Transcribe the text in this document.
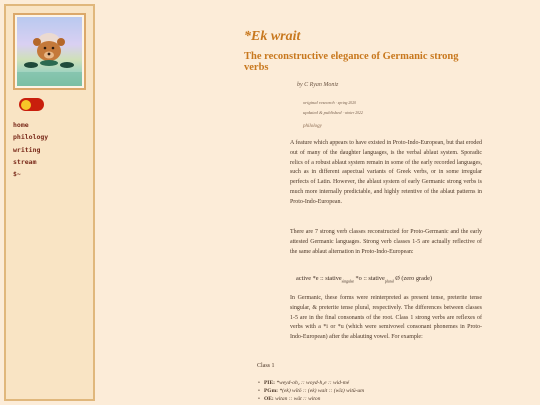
home
philology
writing
stream
$~
*Ek wrait
The reconstructive elegance of Germanic strong verbs
by C Ryan Moniz
original research · spring 2020
updated & published · winter 2022
philology

A feature which appears to have existed in Proto-Indo-European, but that eroded out of many of the daughter languages, is the verbal ablaut system. Sporadic relics of a robust ablaut system remain in some of the early recorded languages, such as in different aspectual variants of Greek verbs, or in some irregular perfects of Latin. However, the ablaut system of early Germanic strong verbs is much more internally predictable, and highly retentive of the ablaut patterns in Proto-Indo-European.

There are 7 strong verb classes reconstructed for Proto-Germanic and the early attested Germanic languages. Strong verb classes 1-5 are actually reflective of the same ablaut alternation in Proto-Indo-European:

active *e :: stative$_{singular}$ *o :: stative$_{plural}$ Ø (zero grade)

In Germanic, these forms were reinterpreted as present tense, preterite tense singular, & preterite tense plural, respectively. The differences between classes 1-5 are in the final consonants of the root. Class 1 strong verbs are reflexes of verbs with a *i or *u (which were semivowel consonant phonemes in Proto-Indo-European) after the ablauting vowel. For example:

Class 1
• PIE: *weyd-oh₂ :: woyd-h₂e :: wid-mé
• PGm: *(ek) wītō :: (ek) wait :: (wīz) witū-um
• OE: witan :: wāt :: witon
